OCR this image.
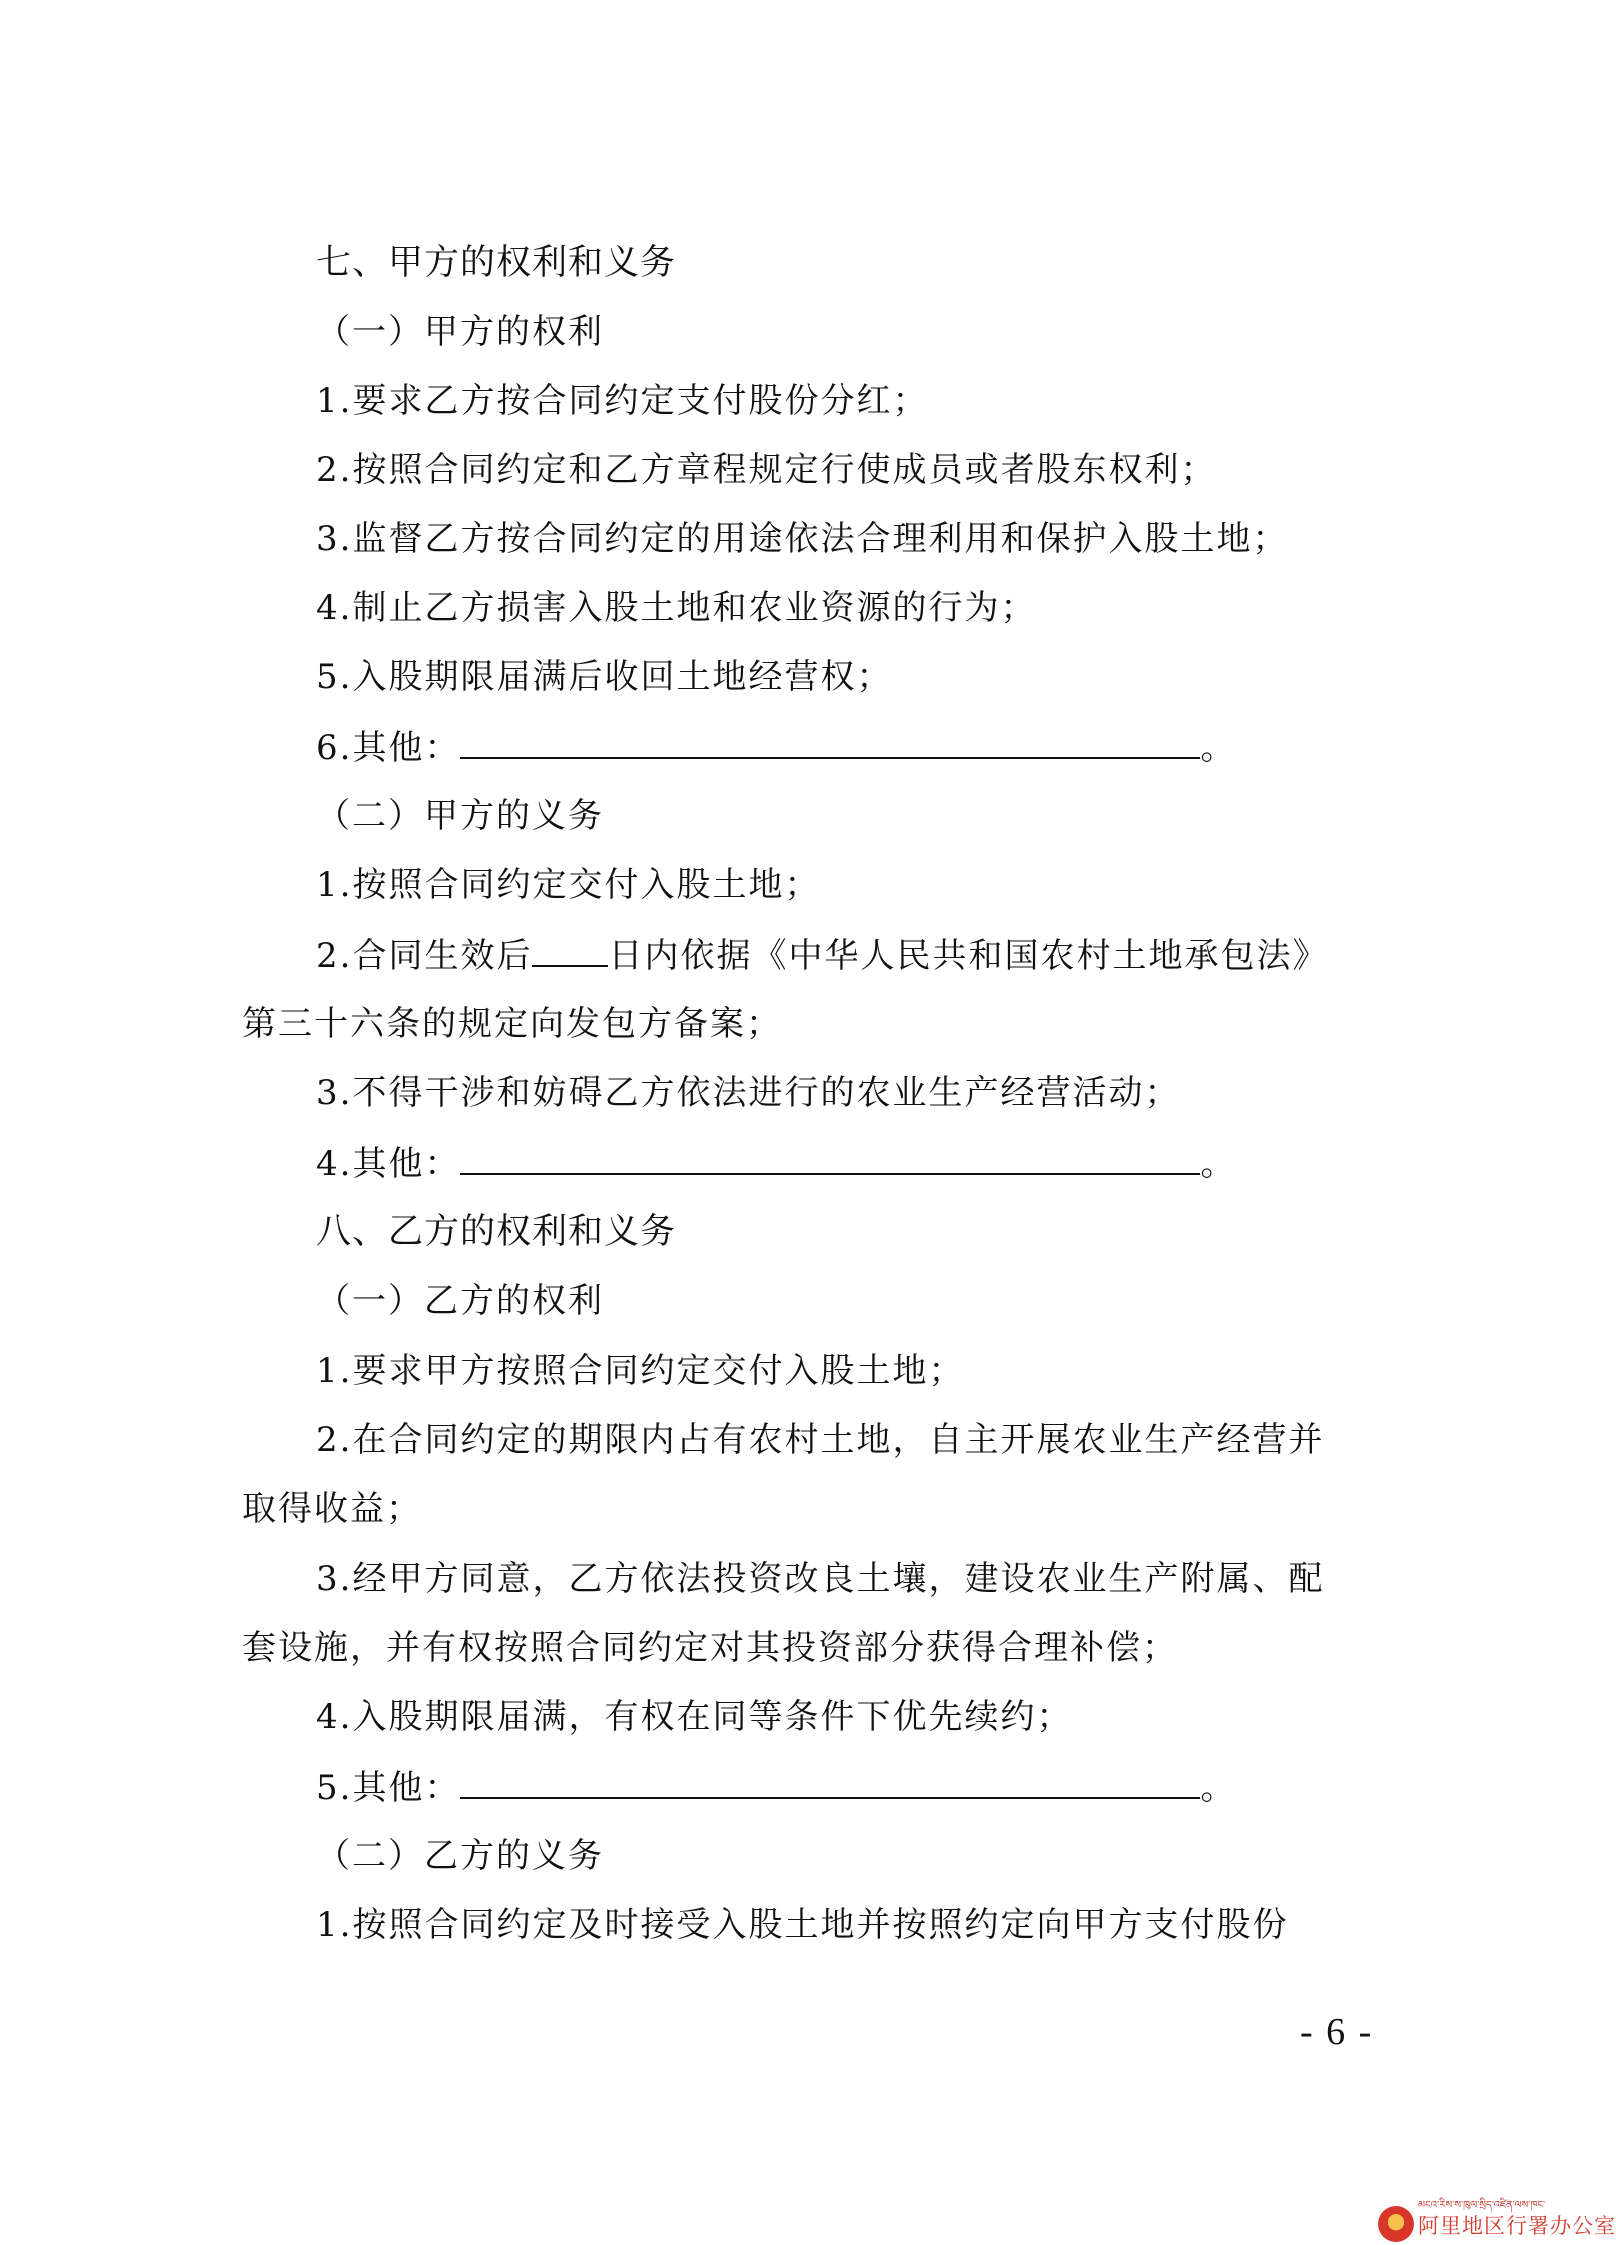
七、甲方的权利和义务
（一）甲方的权利
1.要求乙方按合同约定支付股份分红；
2.按照合同约定和乙方章程规定行使成员或者股东权利；
3.监督乙方按合同约定的用途依法合理利用和保护入股土地；
4.制止乙方损害入股土地和农业资源的行为；
5.入股期限届满后收回土地经营权；
6.其他：	。
（二）甲方的义务
1.按照合同约定交付入股土地；
2.合同生效后 日内依据《中华人民共和国农村土地承包法》
第三十六条的规定向发包方备案；
3.不得干涉和妨碍乙方依法进行的农业生产经营活动；
4.其他：	。
八、乙方的权利和义务
（一）乙方的权利
1.要求甲方按照合同约定交付入股土地；
2.在合同约定的期限内占有农村土地，自主开展农业生产经营并
取得收益；
3.经甲方同意，乙方依法投资改良土壤，建设农业生产附属、配
套设施，并有权按照合同约定对其投资部分获得合理补偿；
4.入股期限届满，有权在同等条件下优先续约；
5.其他：	。
（二）乙方的义务
1.按照合同约定及时接受入股土地并按照约定向甲方支付股份
- 6 -
མངའ་རིས་ས་ཁུལ་སྲིད་འཛིན་ལས་ཁང་
阿里地区行署办公室
